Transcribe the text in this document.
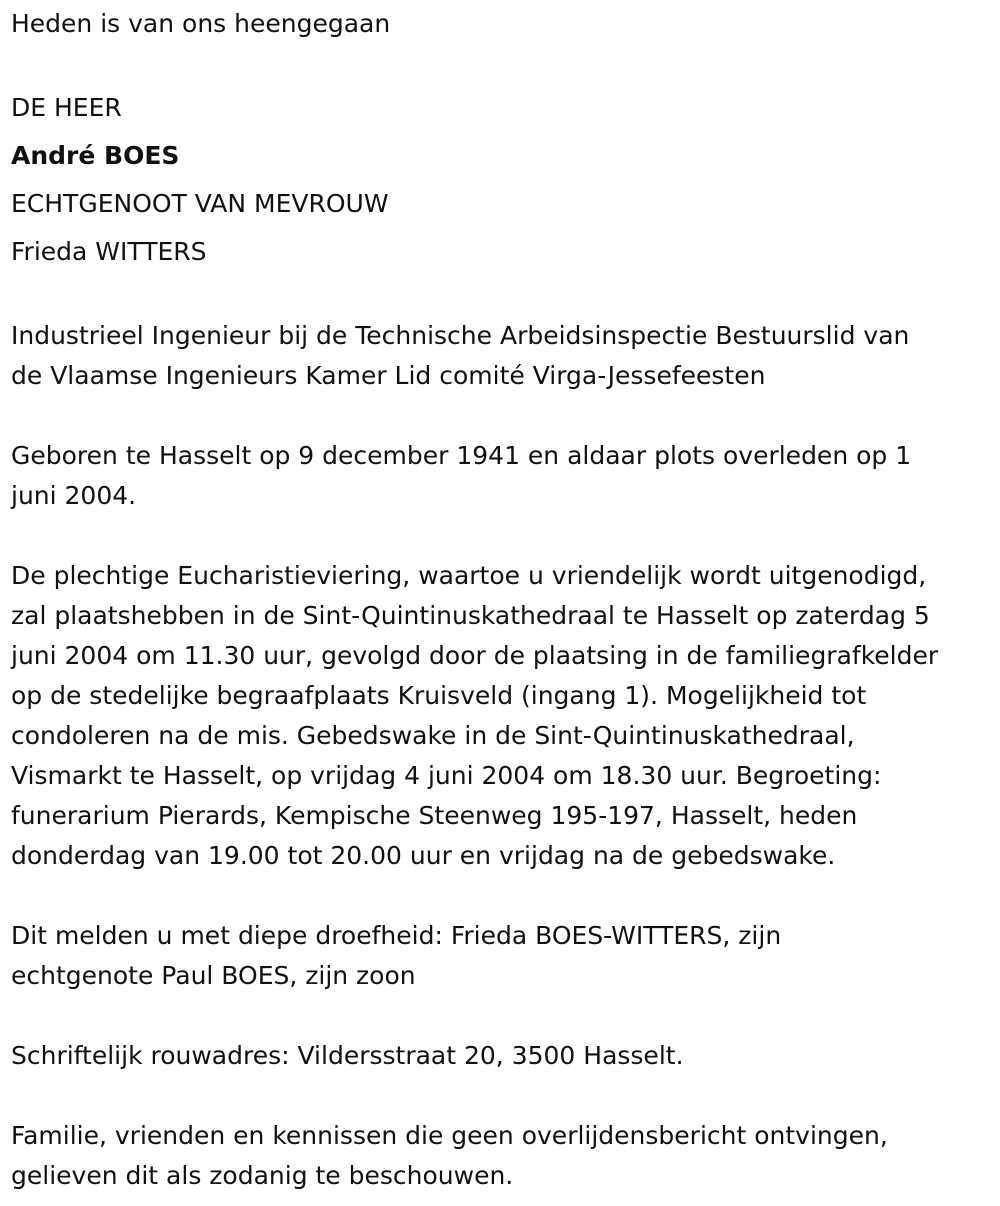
Heden is van ons heengegaan

DE HEER

André BOES

ECHTGENOOT VAN MEVROUW

Frieda WITTERS

Industrieel Ingenieur bij de Technische Arbeidsinspectie Bestuurslid van

de Vlaamse Ingenieurs Kamer Lid comité Virga-Jessefeesten

Geboren te Hasselt op 9 december 1941 en aldaar plots overleden op 1

juni 2004.

De plechtige Eucharistieviering, waartoe u vriendelijk wordt uitgenodigd,

zal plaatshebben in de Sint-Quintinuskathedraal te Hasselt op zaterdag 5

juni 2004 om 11.30 uur, gevolgd door de plaatsing in de familiegrafkelder

op de stedelijke begraafplaats Kruisveld (ingang 1). Mogelijkheid tot

condoleren na de mis. Gebedswake in de Sint-Quintinuskathedraal,

Vismarkt te Hasselt, op vrijdag 4 juni 2004 om 18.30 uur. Begroeting:

funerarium Pierards, Kempische Steenweg 195-197, Hasselt, heden

donderdag van 19.00 tot 20.00 uur en vrijdag na de gebedswake.

Dit melden u met diepe droefheid: Frieda BOES-WITTERS, zijn

echtgenote Paul BOES, zijn zoon

Schriftelijk rouwadres: Vildersstraat 20, 3500 Hasselt.

Familie, vrienden en kennissen die geen overlijdensbericht ontvingen,

gelieven dit als zodanig te beschouwen.
